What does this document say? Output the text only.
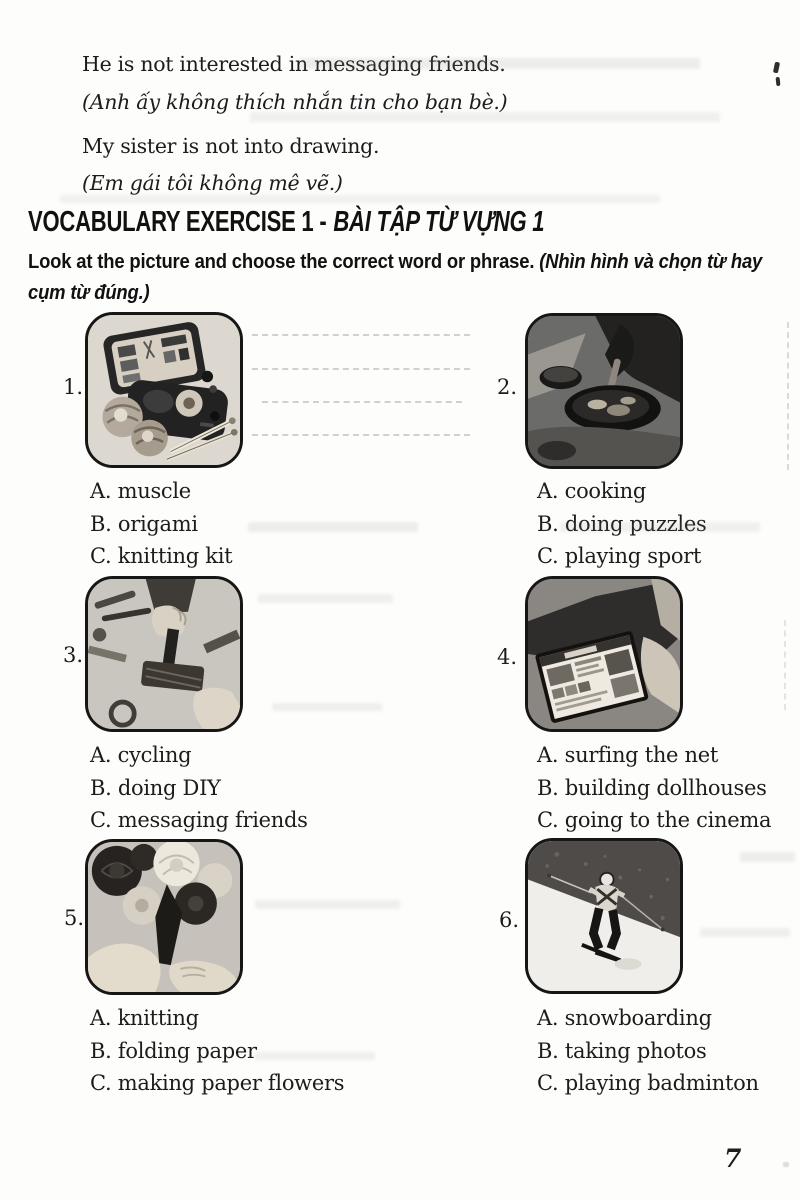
He is not interested in messaging friends.
(Anh ấy không thích nhắn tin cho bạn bè.)
My sister is not into drawing.
(Em gái tôi không mê vẽ.)
VOCABULARY EXERCISE 1 - BÀI TẬP TỪ VỰNG 1
Look at the picture and choose the correct word or phrase. (Nhìn hình và chọn từ hay cụm từ đúng.)
1.
A. muscle
B. origami
C. knitting kit
2.
A. cooking
B. doing puzzles
C. playing sport
3.
A. cycling
B. doing DIY
C. messaging friends
4.
A. surfing the net
B. building dollhouses
C. going to the cinema
5.
A. knitting
B. folding paper
C. making paper flowers
6.
A. snowboarding
B. taking photos
C. playing badminton
7
